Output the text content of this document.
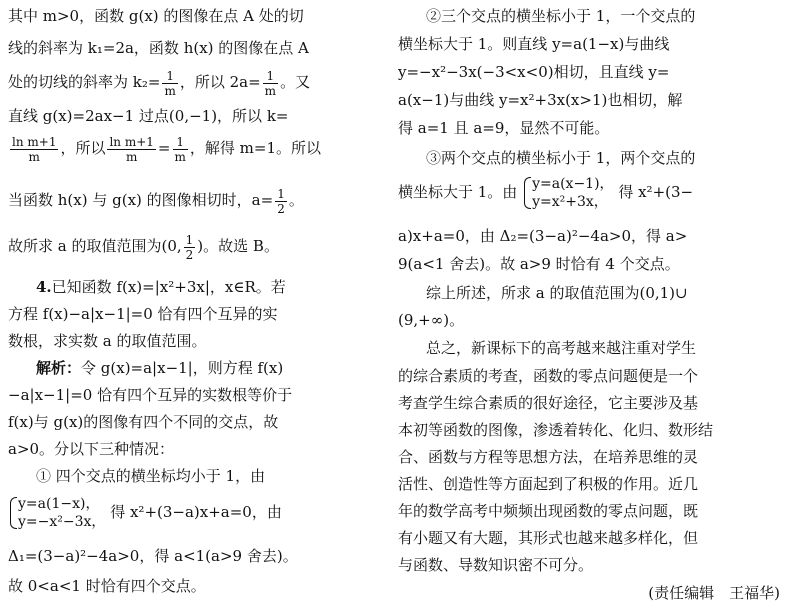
其中 m>0，函数 g(x) 的图像在点 A 处的切
线的斜率为 k₁=2a，函数 h(x) 的图像在点 A
处的切线的斜率为 $k_2= \frac{1}{m}$ ，所以 $2a= \frac{1}{m}$ 。又
直线 g(x)=2ax−1 过点(0,−1)，所以 k=
$\frac{\text{ln m+1}}{m}$ ，所以 $\frac{\text{ln m+1}}{m} = \frac{1}{m}$ ，解得 m=1。所以
当函数 h(x) 与 g(x) 的图像相切时，$a= \frac{1}{2}$ 。
故所求 a 的取值范围为(0, $\frac{1}{2}$ )。故选 B。
4.已知函数 f(x)=|x²+3x|，x∈R。若
方程 f(x)−a|x−1|=0 恰有四个互异的实
数根，求实数 a 的取值范围。
解析：令 g(x)=a|x−1|，则方程 f(x)
−a|x−1|=0 恰有四个互异的实数根等价于
f(x)与 g(x)的图像有四个不同的交点，故
a>0。分以下三种情况：
① 四个交点的横坐标均小于 1，由
y=a(1−x)，
y=−x²−3x，
得 x²+(3−a)x+a=0，由
Δ₁=(3−a)²−4a>0，得 a<1(a>9 舍去)。
故 0<a<1 时恰有四个交点。
②三个交点的横坐标小于 1，一个交点的
横坐标大于 1。则直线 y=a(1−x)与曲线
y=−x²−3x(−3<x<0)相切，且直线 y=
a(x−1)与曲线 y=x²+3x(x>1)也相切，解
得 a=1 且 a=9，显然不可能。
③两个交点的横坐标小于 1，两个交点的
横坐标大于 1。由 y=a(x−1)，
y=x²+3x，
得 x²+(3−
a)x+a=0，由 Δ₂=(3−a)²−4a>0，得 a>
9(a<1 舍去)。故 a>9 时恰有 4 个交点。
综上所述，所求 a 的取值范围为(0,1)∪
(9,+∞)。
总之，新课标下的高考越来越注重对学生
的综合素质的考查，函数的零点问题便是一个
考查学生综合素质的很好途径，它主要涉及基
本初等函数的图像，渗透着转化、化归、数形结
合、函数与方程等思想方法，在培养思维的灵
活性、创造性等方面起到了积极的作用。近几
年的数学高考中频频出现函数的零点问题，既
有小题又有大题，其形式也越来越多样化，但
与函数、导数知识密不可分。
(责任编辑　王福华)
